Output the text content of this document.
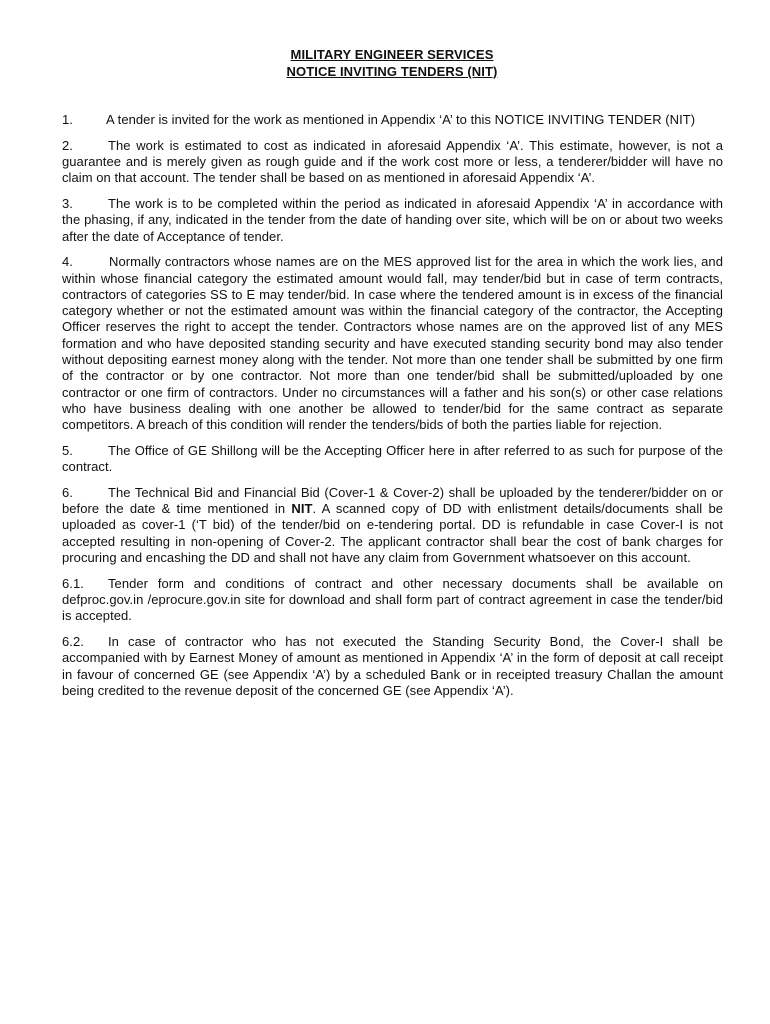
MILITARY ENGINEER SERVICES
NOTICE INVITING TENDERS (NIT)

1.	A tender is invited for the work as mentioned in Appendix ‘A’ to this NOTICE INVITING TENDER (NIT)

2.	The work is estimated to cost as indicated in aforesaid Appendix ‘A’. This estimate, however, is not a guarantee and is merely given as rough guide and if the work cost more or less, a tenderer/bidder will have no claim on that account. The tender shall be based on as mentioned in aforesaid Appendix ‘A’.

3.	The work is to be completed within the period as indicated in aforesaid Appendix ‘A’ in accordance with the phasing, if any, indicated in the tender from the date of handing over site, which will be on or about two weeks after the date of Acceptance of tender.

4.	Normally contractors whose names are on the MES approved list for the area in which the work lies, and within whose financial category the estimated amount would fall, may tender/bid but in case of term contracts, contractors of categories SS to E may tender/bid. In case where the tendered amount is in excess of the financial category whether or not the estimated amount was within the financial category of the contractor, the Accepting Officer reserves the right to accept the tender. Contractors whose names are on the approved list of any MES formation and who have deposited standing security and have executed standing security bond may also tender without depositing earnest money along with the tender. Not more than one tender shall be submitted by one firm of the contractor or by one contractor. Not more than one tender/bid shall be submitted/uploaded by one contractor or one firm of contractors. Under no circumstances will a father and his son(s) or other case relations who have business dealing with one another be allowed to tender/bid for the same contract as separate competitors. A breach of this condition will render the tenders/bids of both the parties liable for rejection.

5.	The Office of GE Shillong will be the Accepting Officer here in after referred to as such for purpose of the contract.

6.	The Technical Bid and Financial Bid (Cover-1 & Cover-2) shall be uploaded by the tenderer/bidder on or before the date & time mentioned in NIT. A scanned copy of DD with enlistment details/documents shall be uploaded as cover-1 (‘T bid) of the tender/bid on e-tendering portal. DD is refundable in case Cover-I is not accepted resulting in non-opening of Cover-2. The applicant contractor shall bear the cost of bank charges for procuring and encashing the DD and shall not have any claim from Government whatsoever on this account.

6.1. Tender form and conditions of contract and other necessary documents shall be available on defproc.gov.in /eprocure.gov.in site for download and shall form part of contract agreement in case the tender/bid is accepted.

6.2. In case of contractor who has not executed the Standing Security Bond, the Cover-I shall be accompanied with by Earnest Money of amount as mentioned in Appendix ‘A’ in the form of deposit at call receipt in favour of concerned GE (see Appendix ‘A’) by a scheduled Bank or in receipted treasury Challan the amount being credited to the revenue deposit of the concerned GE (see Appendix ‘A’).
